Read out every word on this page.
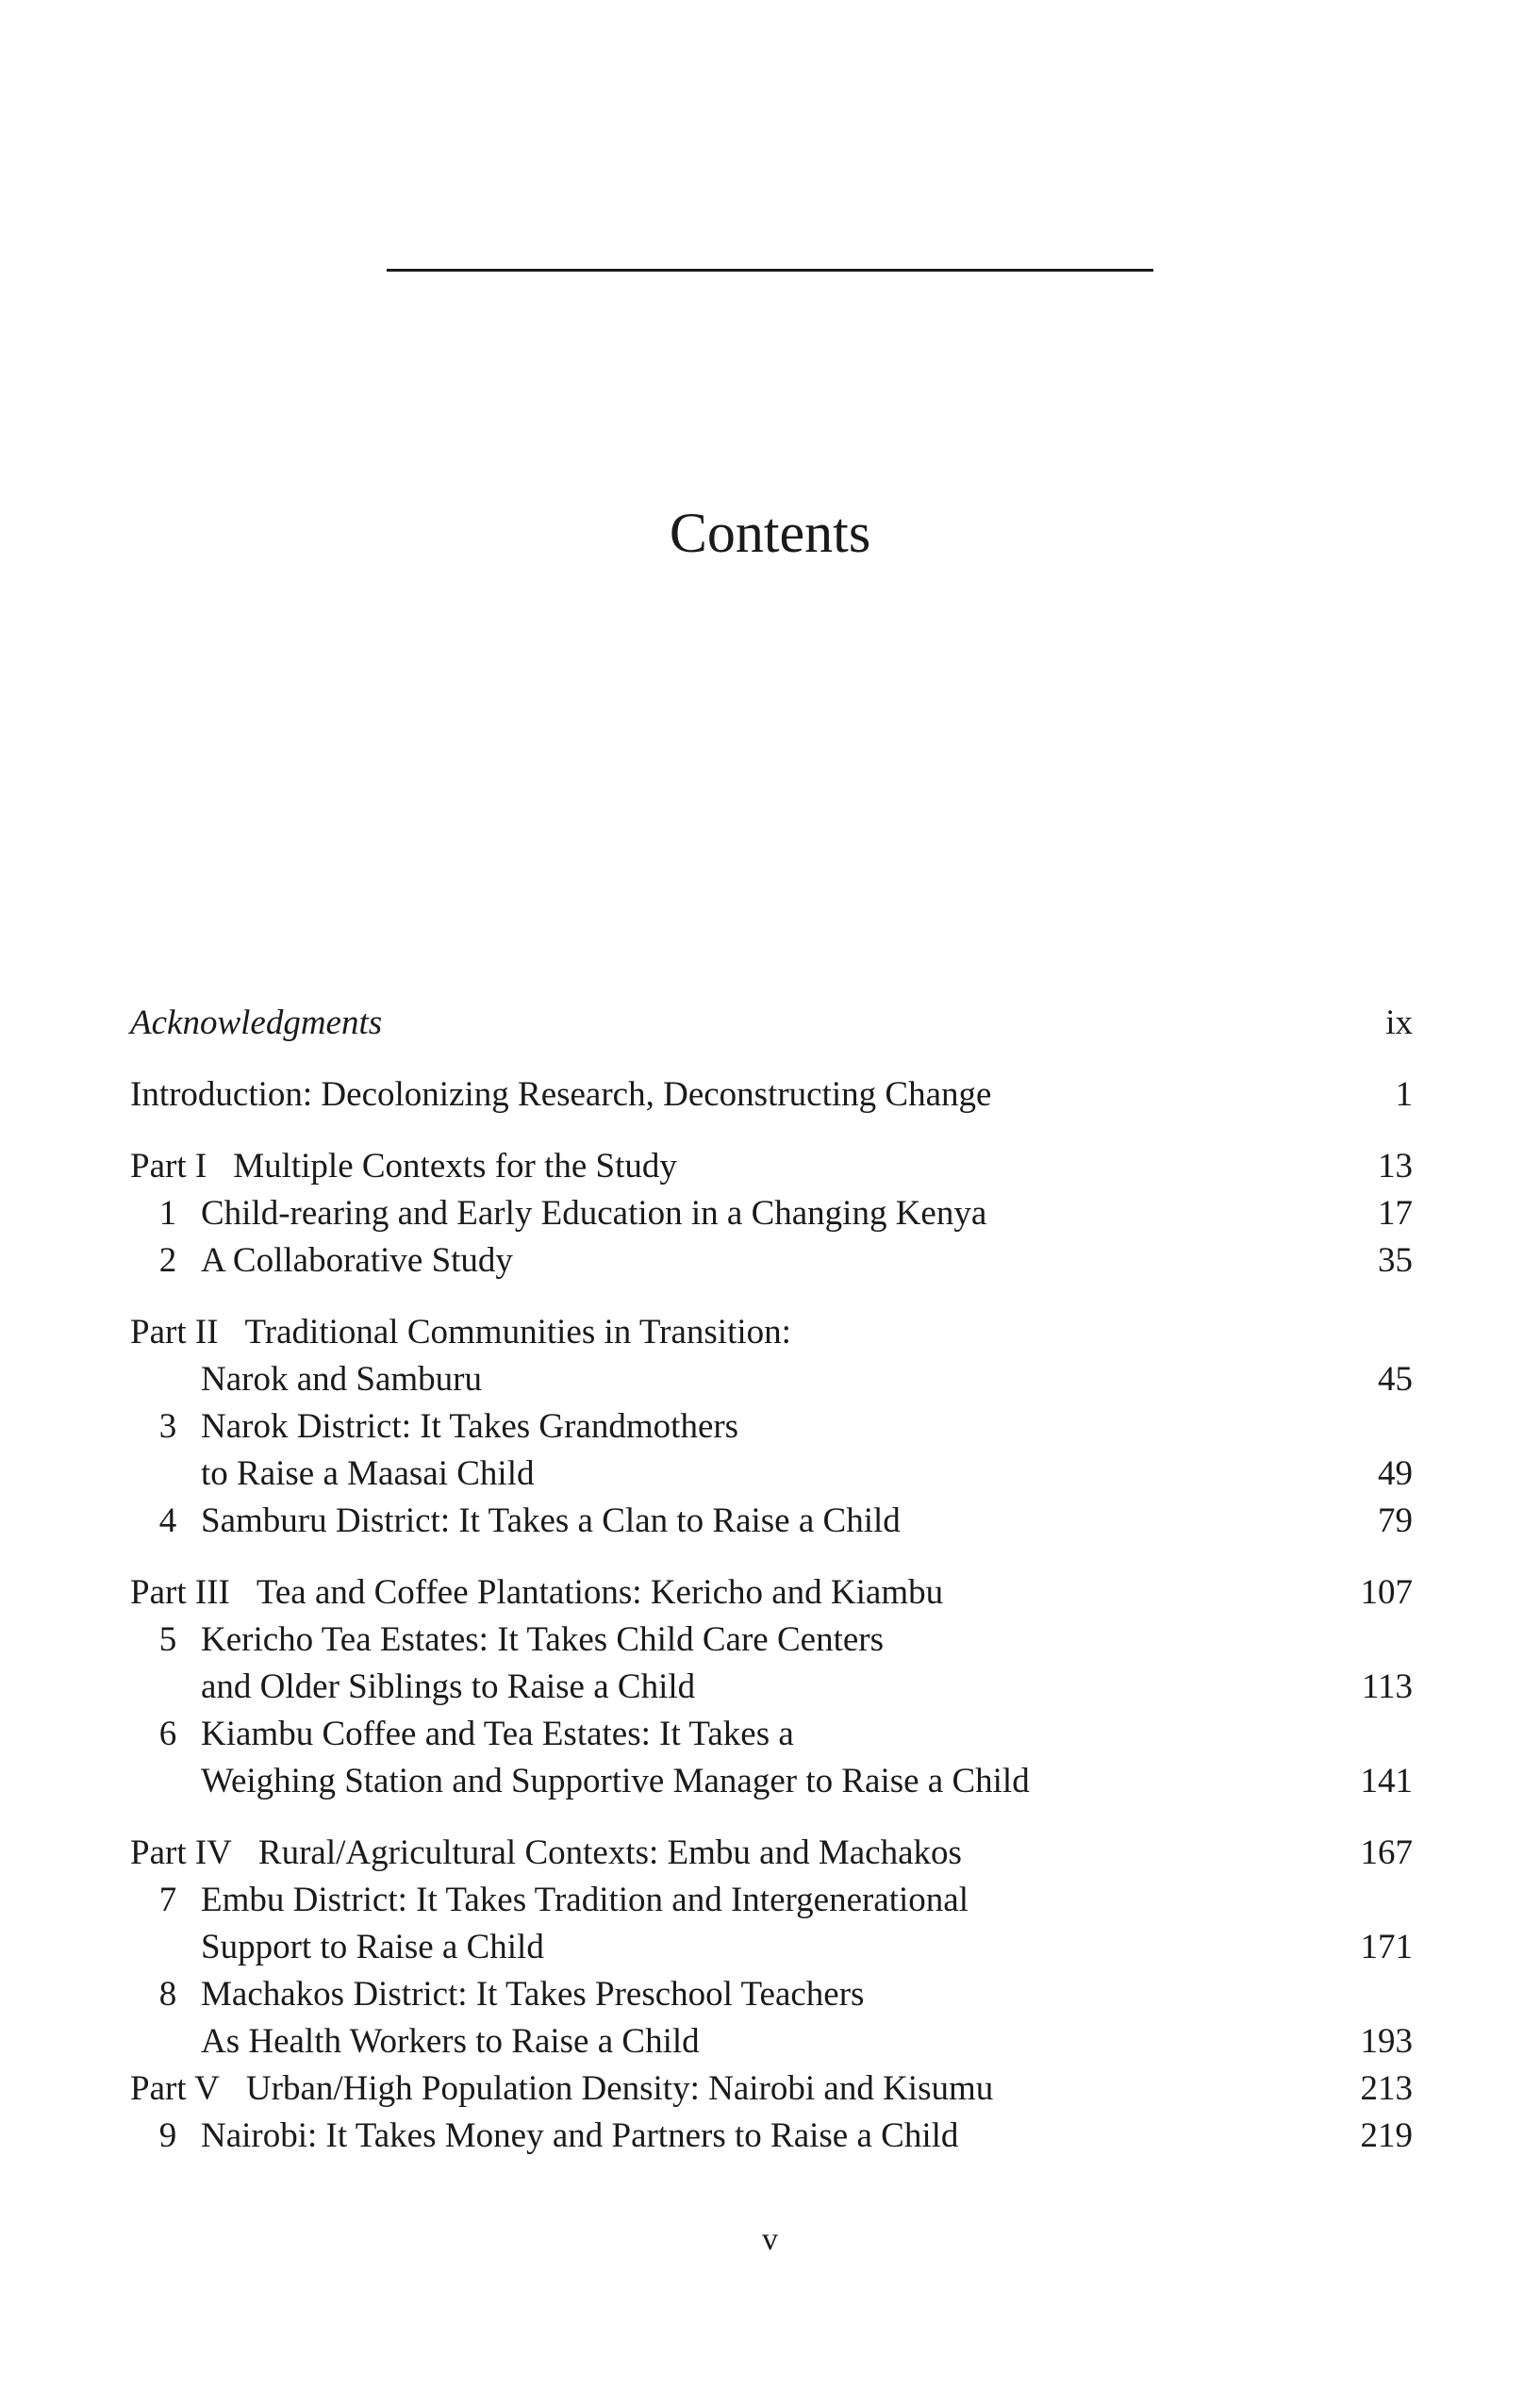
Contents
Acknowledgments	ix
Introduction: Decolonizing Research, Deconstructing Change	1
Part I Multiple Contexts for the Study	13
1 Child-rearing and Early Education in a Changing Kenya	17
2 A Collaborative Study	35
Part II Traditional Communities in Transition:
Narok and Samburu	45
3 Narok District: It Takes Grandmothers
to Raise a Maasai Child	49
4 Samburu District: It Takes a Clan to Raise a Child	79
Part III Tea and Coffee Plantations: Kericho and Kiambu	107
5 Kericho Tea Estates: It Takes Child Care Centers
and Older Siblings to Raise a Child	113
6 Kiambu Coffee and Tea Estates: It Takes a
Weighing Station and Supportive Manager to Raise a Child	141
Part IV Rural/Agricultural Contexts: Embu and Machakos	167
7 Embu District: It Takes Tradition and Intergenerational
Support to Raise a Child	171
8 Machakos District: It Takes Preschool Teachers
As Health Workers to Raise a Child	193
Part V Urban/High Population Density: Nairobi and Kisumu	213
9 Nairobi: It Takes Money and Partners to Raise a Child	219
v
